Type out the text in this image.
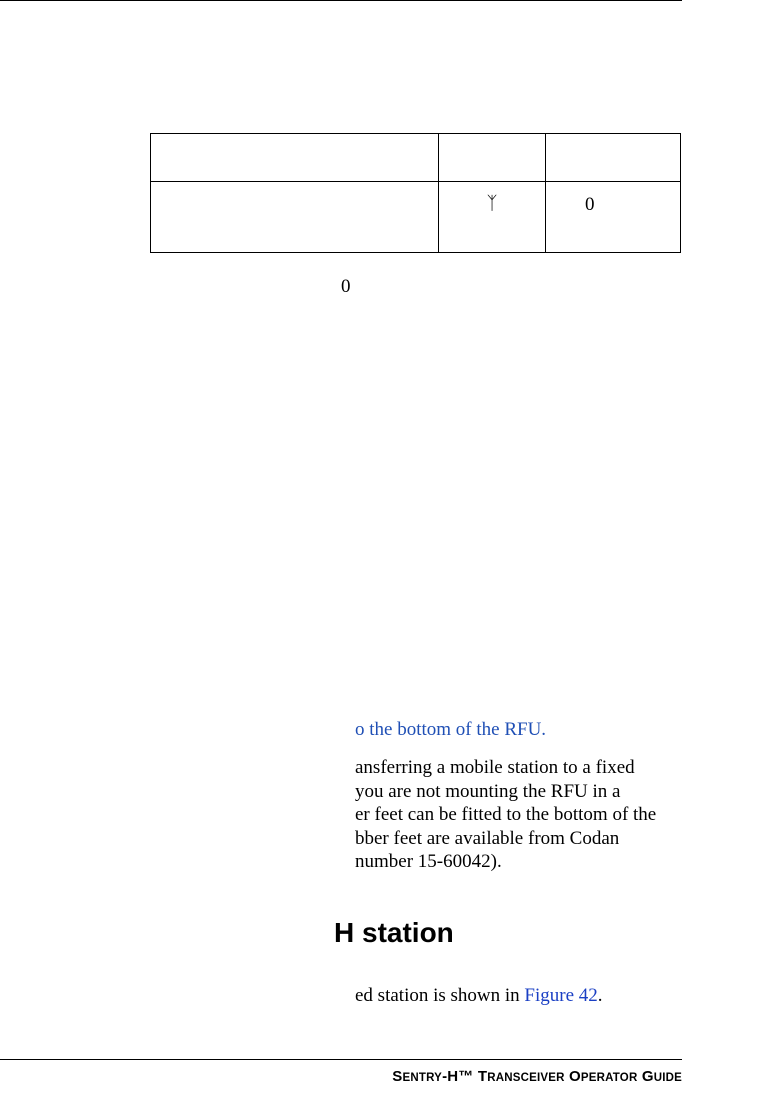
	ᛉ	0
0
o the bottom of the RFU.
ansferring a mobile station to a fixed
you are not mounting the RFU in a
er feet can be fitted to the bottom of the
bber feet are available from Codan
number 15-60042).
H station
ed station is shown in Figure 42.
SENTRY-H™ TRANSCEIVER OPERATOR GUIDE
